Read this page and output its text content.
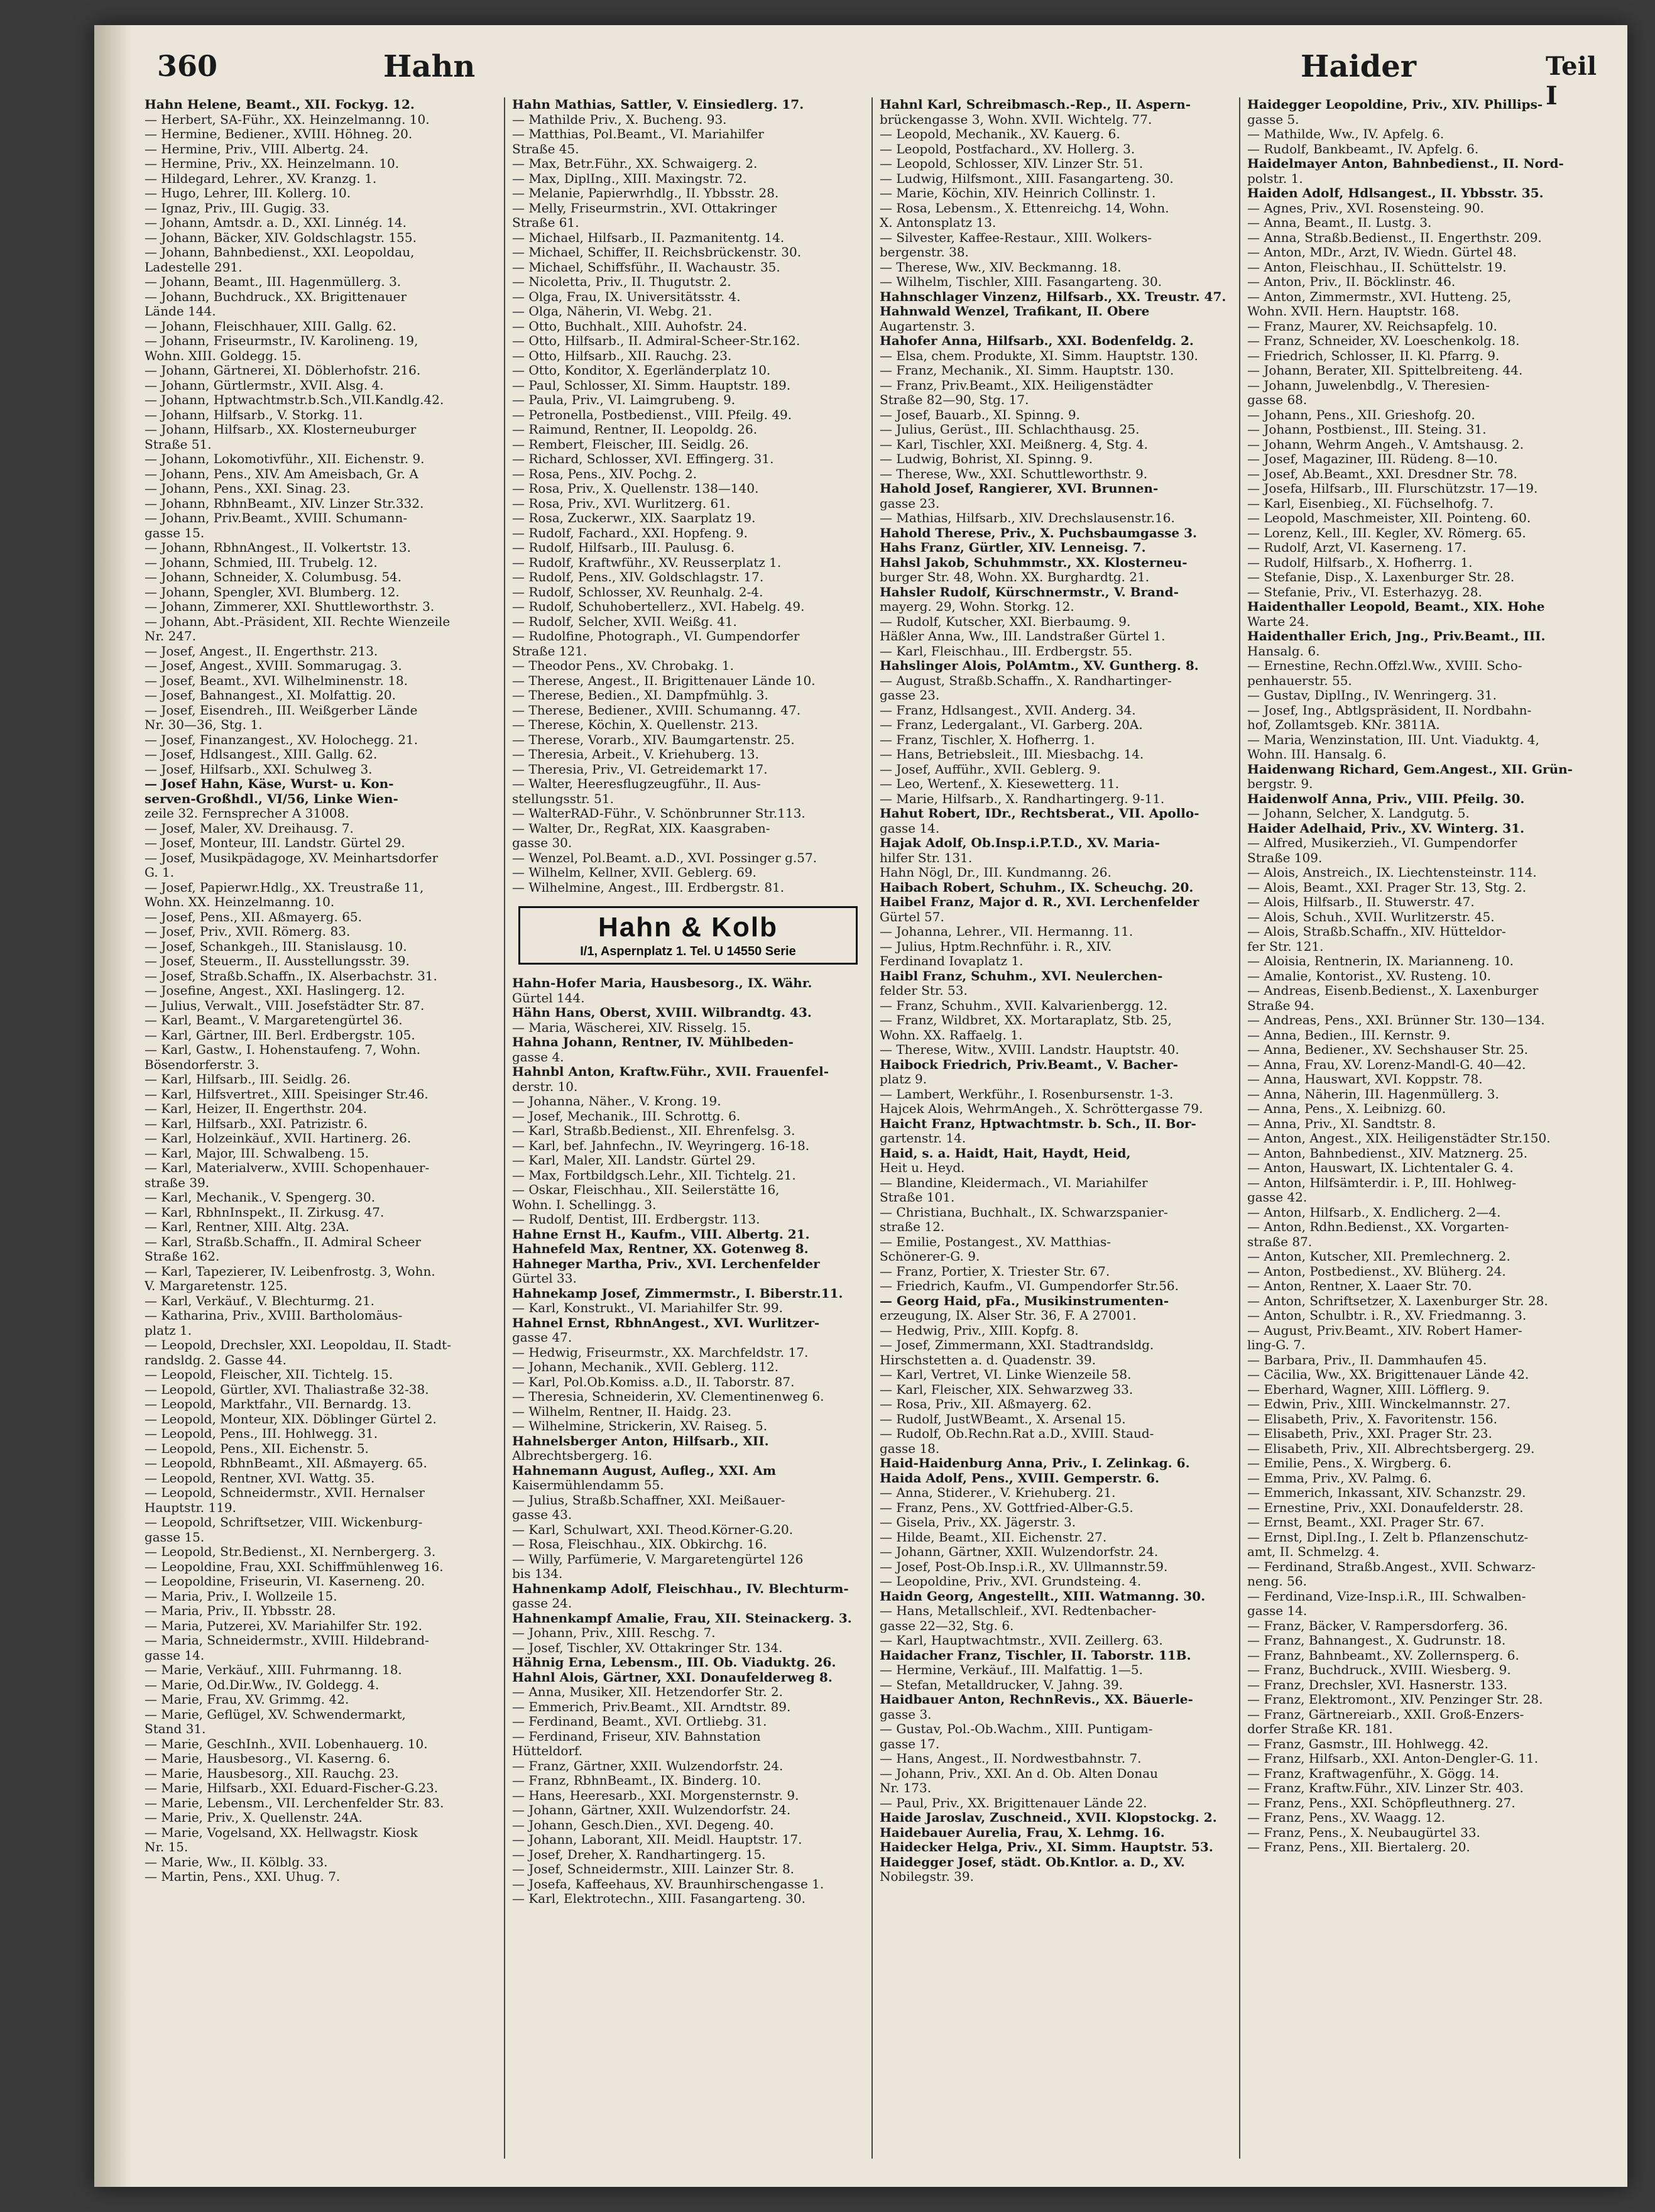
360	Hahn	Haider	Teil I
Hahn Helene, Beamt., XII. Fockyg. 12.
— Herbert, SA-Führ., XX. Heinzelmanng. 10.
— Hermine, Bediener., XVIII. Höhneg. 20.
— Hermine, Priv., VIII. Albertg. 24.
— Hermine, Priv., XX. Heinzelmann. 10.
— Hildegard, Lehrer., XV. Kranzg. 1.
— Hugo, Lehrer, III. Kollerg. 10.
— Ignaz, Priv., III. Gugig. 33.
— Johann, Amtsdr. a. D., XXI. Linnég. 14.
— Johann, Bäcker, XIV. Goldschlagstr. 155.
— Johann, Bahnbedienst., XXI. Leopoldau,
Ladestelle 291.
— Johann, Beamt., III. Hagenmüllerg. 3.
— Johann, Buchdruck., XX. Brigittenauer
Lände 144.
— Johann, Fleischhauer, XIII. Gallg. 62.
— Johann, Friseurmstr., IV. Karolineng. 19,
Wohn. XIII. Goldegg. 15.
— Johann, Gärtnerei, XI. Döblerhofstr. 216.
— Johann, Gürtlermstr., XVII. Alsg. 4.
— Johann, Hptwachtmstr.b.Sch.,VII.Kandlg.42.
— Johann, Hilfsarb., V. Storkg. 11.
— Johann, Hilfsarb., XX. Klosterneuburger
Straße 51.
— Johann, Lokomotivführ., XII. Eichenstr. 9.
— Johann, Pens., XIV. Am Ameisbach, Gr. A
— Johann, Pens., XXI. Sinag. 23.
— Johann, RbhnBeamt., XIV. Linzer Str.332.
— Johann, Priv.Beamt., XVIII. Schumann-
gasse 15.
— Johann, RbhnAngest., II. Volkertstr. 13.
— Johann, Schmied, III. Trubelg. 12.
— Johann, Schneider, X. Columbusg. 54.
— Johann, Spengler, XVI. Blumberg. 12.
— Johann, Zimmerer, XXI. Shuttleworthstr. 3.
— Johann, Abt.-Präsident, XII. Rechte Wienzeile
Nr. 247.
— Josef, Angest., II. Engerthstr. 213.
— Josef, Angest., XVIII. Sommarugag. 3.
— Josef, Beamt., XVI. Wilhelminenstr. 18.
— Josef, Bahnangest., XI. Molfattig. 20.
— Josef, Eisendreh., III. Weißgerber Lände
Nr. 30—36, Stg. 1.
— Josef, Finanzangest., XV. Holochegg. 21.
— Josef, Hdlsangest., XIII. Gallg. 62.
— Josef, Hilfsarb., XXI. Schulweg 3.
— Josef Hahn, Käse, Wurst- u. Kon-
serven-Großhdl., VI/56, Linke Wien-
zeile 32. Fernsprecher A 31008.
— Josef, Maler, XV. Dreihausg. 7.
— Josef, Monteur, III. Landstr. Gürtel 29.
— Josef, Musikpädagoge, XV. Meinhartsdorfer
G. 1.
— Josef, Papierwr.Hdlg., XX. Treustraße 11,
Wohn. XX. Heinzelmanng. 10.
— Josef, Pens., XII. Aßmayerg. 65.
— Josef, Priv., XVII. Römerg. 83.
— Josef, Schankgeh., III. Stanislausg. 10.
— Josef, Steuerm., II. Ausstellungsstr. 39.
— Josef, Straßb.Schaffn., IX. Alserbachstr. 31.
— Josefine, Angest., XXI. Haslingerg. 12.
— Julius, Verwalt., VIII. Josefstädter Str. 87.
— Karl, Beamt., V. Margaretengürtel 36.
— Karl, Gärtner, III. Berl. Erdbergstr. 105.
— Karl, Gastw., I. Hohenstaufeng. 7, Wohn.
Bösendorferstr. 3.
— Karl, Hilfsarb., III. Seidlg. 26.
— Karl, Hilfsvertret., XIII. Speisinger Str.46.
— Karl, Heizer, II. Engerthstr. 204.
— Karl, Hilfsarb., XXI. Patrizistr. 6.
— Karl, Holzeinkäuf., XVII. Hartinerg. 26.
— Karl, Major, III. Schwalbeng. 15.
— Karl, Materialverw., XVIII. Schopenhauer-
straße 39.
— Karl, Mechanik., V. Spengerg. 30.
— Karl, RbhnInspekt., II. Zirkusg. 47.
— Karl, Rentner, XIII. Altg. 23A.
— Karl, Straßb.Schaffn., II. Admiral Scheer
Straße 162.
— Karl, Tapezierer, IV. Leibenfrostg. 3, Wohn.
V. Margaretenstr. 125.
— Karl, Verkäuf., V. Blechturmg. 21.
— Katharina, Priv., XVIII. Bartholomäus-
platz 1.
— Leopold, Drechsler, XXI. Leopoldau, II. Stadt-
randsldg. 2. Gasse 44.
— Leopold, Fleischer, XII. Tichtelg. 15.
— Leopold, Gürtler, XVI. Thaliastraße 32-38.
— Leopold, Marktfahr., VII. Bernardg. 13.
— Leopold, Monteur, XIX. Döblinger Gürtel 2.
— Leopold, Pens., III. Hohlwegg. 31.
— Leopold, Pens., XII. Eichenstr. 5.
— Leopold, RbhnBeamt., XII. Aßmayerg. 65.
— Leopold, Rentner, XVI. Wattg. 35.
— Leopold, Schneidermstr., XVII. Hernalser
Hauptstr. 119.
— Leopold, Schriftsetzer, VIII. Wickenburg-
gasse 15.
— Leopold, Str.Bedienst., XI. Nernbergerg. 3.
— Leopoldine, Frau, XXI. Schiffmühlenweg 16.
— Leopoldine, Friseurin, VI. Kaserneng. 20.
— Maria, Priv., I. Wollzeile 15.
— Maria, Priv., II. Ybbsstr. 28.
— Maria, Putzerei, XV. Mariahilfer Str. 192.
— Maria, Schneidermstr., XVIII. Hildebrand-
gasse 14.
— Marie, Verkäuf., XIII. Fuhrmanng. 18.
— Marie, Od.Dir.Ww., IV. Goldegg. 4.
— Marie, Frau, XV. Grimmg. 42.
— Marie, Geflügel, XV. Schwendermarkt,
Stand 31.
— Marie, GeschInh., XVII. Lobenhauerg. 10.
— Marie, Hausbesorg., VI. Kaserng. 6.
— Marie, Hausbesorg., XII. Rauchg. 23.
— Marie, Hilfsarb., XXI. Eduard-Fischer-G.23.
— Marie, Lebensm., VII. Lerchenfelder Str. 83.
— Marie, Priv., X. Quellenstr. 24A.
— Marie, Vogelsand, XX. Hellwagstr. Kiosk
Nr. 15.
— Marie, Ww., II. Kölblg. 33.
— Martin, Pens., XXI. Uhug. 7.
Hahn Mathias, Sattler, V. Einsiedlerg. 17.
— Mathilde Priv., X. Bucheng. 93.
— Matthias, Pol.Beamt., VI. Mariahilfer
Straße 45.
— Max, Betr.Führ., XX. Schwaigerg. 2.
— Max, DiplIng., XIII. Maxingstr. 72.
— Melanie, Papierwrhdlg., II. Ybbsstr. 28.
— Melly, Friseurmstrin., XVI. Ottakringer
Straße 61.
— Michael, Hilfsarb., II. Pazmanitentg. 14.
— Michael, Schiffer, II. Reichsbrückenstr. 30.
— Michael, Schiffsführ., II. Wachaustr. 35.
— Nicoletta, Priv., II. Thugutstr. 2.
— Olga, Frau, IX. Universitätsstr. 4.
— Olga, Näherin, VI. Webg. 21.
— Otto, Buchhalt., XIII. Auhofstr. 24.
— Otto, Hilfsarb., II. Admiral-Scheer-Str.162.
— Otto, Hilfsarb., XII. Rauchg. 23.
— Otto, Konditor, X. Egerländerplatz 10.
— Paul, Schlosser, XI. Simm. Hauptstr. 189.
— Paula, Priv., VI. Laimgrubeng. 9.
— Petronella, Postbedienst., VIII. Pfeilg. 49.
— Raimund, Rentner, II. Leopoldg. 26.
— Rembert, Fleischer, III. Seidlg. 26.
— Richard, Schlosser, XVI. Effingerg. 31.
— Rosa, Pens., XIV. Pochg. 2.
— Rosa, Priv., X. Quellenstr. 138—140.
— Rosa, Priv., XVI. Wurlitzerg. 61.
— Rosa, Zuckerwr., XIX. Saarplatz 19.
— Rudolf, Fachard., XXI. Hopfeng. 9.
— Rudolf, Hilfsarb., III. Paulusg. 6.
— Rudolf, Kraftwführ., XV. Reusserplatz 1.
— Rudolf, Pens., XIV. Goldschlagstr. 17.
— Rudolf, Schlosser, XV. Reunhalg. 2-4.
— Rudolf, Schuhobertellerz., XVI. Habelg. 49.
— Rudolf, Selcher, XVII. Weißg. 41.
— Rudolfine, Photograph., VI. Gumpendorfer
Straße 121.
— Theodor Pens., XV. Chrobakg. 1.
— Therese, Angest., II. Brigittenauer Lände 10.
— Therese, Bedien., XI. Dampfmühlg. 3.
— Therese, Bediener., XVIII. Schumanng. 47.
— Therese, Köchin, X. Quellenstr. 213.
— Therese, Vorarb., XIV. Baumgartenstr. 25.
— Theresia, Arbeit., V. Kriehuberg. 13.
— Theresia, Priv., VI. Getreidemarkt 17.
— Walter, Heeresflugzeugführ., II. Aus-
stellungsstr. 51.
— WalterRAD-Führ., V. Schönbrunner Str.113.
— Walter, Dr., RegRat, XIX. Kaasgraben-
gasse 30.
— Wenzel, Pol.Beamt. a.D., XVI. Possinger g.57.
— Wilhelm, Kellner, XVII. Geblerg. 69.
— Wilhelmine, Angest., III. Erdbergstr. 81.
Hahn & Kolb
I/1, Aspernplatz 1. Tel. U 14550 Serie
Hahn-Hofer Maria, Hausbesorg., IX. Währ.
Gürtel 144.
Hähn Hans, Oberst, XVIII. Wilbrandtg. 43.
— Maria, Wäscherei, XIV. Risselg. 15.
Hahna Johann, Rentner, IV. Mühlbeden-
gasse 4.
Hahnbl Anton, Kraftw.Führ., XVII. Frauenfel-
derstr. 10.
— Johanna, Näher., V. Krong. 19.
— Josef, Mechanik., III. Schrottg. 6.
— Karl, Straßb.Bedienst., XII. Ehrenfelsg. 3.
— Karl, bef. Jahnfechn., IV. Weyringerg. 16-18.
— Karl, Maler, XII. Landstr. Gürtel 29.
— Max, Fortbildgsch.Lehr., XII. Tichtelg. 21.
— Oskar, Fleischhau., XII. Seilerstätte 16,
Wohn. I. Schellingg. 3.
— Rudolf, Dentist, III. Erdbergstr. 113.
Hahne Ernst H., Kaufm., VIII. Albertg. 21.
Hahnefeld Max, Rentner, XX. Gotenweg 8.
Hahneger Martha, Priv., XVI. Lerchenfelder
Gürtel 33.
Hahnekamp Josef, Zimmermstr., I. Biberstr.11.
— Karl, Konstrukt., VI. Mariahilfer Str. 99.
Hahnel Ernst, RbhnAngest., XVI. Wurlitzer-
gasse 47.
— Hedwig, Friseurmstr., XX. Marchfeldstr. 17.
— Johann, Mechanik., XVII. Geblerg. 112.
— Karl, Pol.Ob.Komiss. a.D., II. Taborstr. 87.
— Theresia, Schneiderin, XV. Clementinenweg 6.
— Wilhelm, Rentner, II. Haidg. 23.
— Wilhelmine, Strickerin, XV. Raiseg. 5.
Hahnelsberger Anton, Hilfsarb., XII.
Albrechtsbergerg. 16.
Hahnemann August, Aufleg., XXI. Am
Kaisermühlendamm 55.
— Julius, Straßb.Schaffner, XXI. Meißauer-
gasse 43.
— Karl, Schulwart, XXI. Theod.Körner-G.20.
— Rosa, Fleischhau., XIX. Obkirchg. 16.
— Willy, Parfümerie, V. Margaretengürtel 126
bis 134.
Hahnenkamp Adolf, Fleischhau., IV. Blechturm-
gasse 24.
Hahnenkampf Amalie, Frau, XII. Steinackerg. 3.
— Johann, Priv., XIII. Reschg. 7.
— Josef, Tischler, XV. Ottakringer Str. 134.
Hähnig Erna, Lebensm., III. Ob. Viaduktg. 26.
Hahnl Alois, Gärtner, XXI. Donaufelderweg 8.
— Anna, Musiker, XII. Hetzendorfer Str. 2.
— Emmerich, Priv.Beamt., XII. Arndtstr. 89.
— Ferdinand, Beamt., XVI. Ortliebg. 31.
— Ferdinand, Friseur, XIV. Bahnstation
Hütteldorf.
— Franz, Gärtner, XXII. Wulzendorfstr. 24.
— Franz, RbhnBeamt., IX. Binderg. 10.
— Hans, Heeresarb., XXI. Morgensternstr. 9.
— Johann, Gärtner, XXII. Wulzendorfstr. 24.
— Johann, Gesch.Dien., XVI. Degeng. 40.
— Johann, Laborant, XII. Meidl. Hauptstr. 17.
— Josef, Dreher, X. Randhartingerg. 15.
— Josef, Schneidermstr., XIII. Lainzer Str. 8.
— Josefa, Kaffeehaus, XV. Braunhirschengasse 1.
— Karl, Elektrotechn., XIII. Fasangarteng. 30.
Hahnl Karl, Schreibmasch.-Rep., II. Aspern-
brückengasse 3, Wohn. XVII. Wichtelg. 77.
— Leopold, Mechanik., XV. Kauerg. 6.
— Leopold, Postfachard., XV. Hollerg. 3.
— Leopold, Schlosser, XIV. Linzer Str. 51.
— Ludwig, Hilfsmont., XIII. Fasangarteng. 30.
— Marie, Köchin, XIV. Heinrich Collinstr. 1.
— Rosa, Lebensm., X. Ettenreichg. 14, Wohn.
X. Antonsplatz 13.
— Silvester, Kaffee-Restaur., XIII. Wolkers-
bergenstr. 38.
— Therese, Ww., XIV. Beckmanng. 18.
— Wilhelm, Tischler, XIII. Fasangarteng. 30.
Hahnschlager Vinzenz, Hilfsarb., XX. Treustr. 47.
Hahnwald Wenzel, Trafikant, II. Obere
Augartenstr. 3.
Hahofer Anna, Hilfsarb., XXI. Bodenfeldg. 2.
— Elsa, chem. Produkte, XI. Simm. Hauptstr. 130.
— Franz, Mechanik., XI. Simm. Hauptstr. 130.
— Franz, Priv.Beamt., XIX. Heiligenstädter
Straße 82—90, Stg. 17.
— Josef, Bauarb., XI. Spinng. 9.
— Julius, Gerüst., III. Schlachthausg. 25.
— Karl, Tischler, XXI. Meißnerg. 4, Stg. 4.
— Ludwig, Bohrist, XI. Spinng. 9.
— Therese, Ww., XXI. Schuttleworthstr. 9.
Hahold Josef, Rangierer, XVI. Brunnen-
gasse 23.
— Mathias, Hilfsarb., XIV. Drechslausenstr.16.
Hahold Therese, Priv., X. Puchsbaumgasse 3.
Hahs Franz, Gürtler, XIV. Lenneisg. 7.
Hahsl Jakob, Schuhmmstr., XX. Klosterneu-
burger Str. 48, Wohn. XX. Burghardtg. 21.
Hahsler Rudolf, Kürschnermstr., V. Brand-
mayerg. 29, Wohn. Storkg. 12.
— Rudolf, Kutscher, XXI. Bierbaumg. 9.
Häßler Anna, Ww., III. Landstraßer Gürtel 1.
— Karl, Fleischhau., III. Erdbergstr. 55.
Hahslinger Alois, PolAmtm., XV. Guntherg. 8.
— August, Straßb.Schaffn., X. Randhartinger-
gasse 23.
— Franz, Hdlsangest., XVII. Anderg. 34.
— Franz, Ledergalant., VI. Garberg. 20A.
— Franz, Tischler, X. Hofherrg. 1.
— Hans, Betriebsleit., III. Miesbachg. 14.
— Josef, Aufführ., XVII. Geblerg. 9.
— Leo, Wertenf., X. Kiesewetterg. 11.
— Marie, Hilfsarb., X. Randhartingerg. 9-11.
Hahut Robert, IDr., Rechtsberat., VII. Apollo-
gasse 14.
Hajak Adolf, Ob.Insp.i.P.T.D., XV. Maria-
hilfer Str. 131.
Hahn Nögl, Dr., III. Kundmanng. 26.
Haibach Robert, Schuhm., IX. Scheuchg. 20.
Haibel Franz, Major d. R., XVI. Lerchenfelder
Gürtel 57.
— Johanna, Lehrer., VII. Hermanng. 11.
— Julius, Hptm.Rechnführ. i. R., XIV.
Ferdinand Iovaplatz 1.
Haibl Franz, Schuhm., XVI. Neulerchen-
felder Str. 53.
— Franz, Schuhm., XVII. Kalvarienbergg. 12.
— Franz, Wildbret, XX. Mortaraplatz, Stb. 25,
Wohn. XX. Raffaelg. 1.
— Therese, Witw., XVIII. Landstr. Hauptstr. 40.
Haibock Friedrich, Priv.Beamt., V. Bacher-
platz 9.
— Lambert, Werkführ., I. Rosenbursenstr. 1-3.
Hajcek Alois, WehrmAngeh., X. Schröttergasse 79.
Haicht Franz, Hptwachtmstr. b. Sch., II. Bor-
gartenstr. 14.
Haid, s. a. Haidt, Hait, Haydt, Heid,
Heit u. Heyd.
— Blandine, Kleidermach., VI. Mariahilfer
Straße 101.
— Christiana, Buchhalt., IX. Schwarzspanier-
straße 12.
— Emilie, Postangest., XV. Matthias-
Schönerer-G. 9.
— Franz, Portier, X. Triester Str. 67.
— Friedrich, Kaufm., VI. Gumpendorfer Str.56.
— Georg Haid, pFa., Musikinstrumenten-
erzeugung, IX. Alser Str. 36, F. A 27001.
— Hedwig, Priv., XIII. Kopfg. 8.
— Josef, Zimmermann, XXI. Stadtrandsldg.
Hirschstetten a. d. Quadenstr. 39.
— Karl, Vertret, VI. Linke Wienzeile 58.
— Karl, Fleischer, XIX. Sehwarzweg 33.
— Rosa, Priv., XII. Aßmayerg. 62.
— Rudolf, JustWBeamt., X. Arsenal 15.
— Rudolf, Ob.Rechn.Rat a.D., XVIII. Staud-
gasse 18.
Haid-Haidenburg Anna, Priv., I. Zelinkag. 6.
Haida Adolf, Pens., XVIII. Gemperstr. 6.
— Anna, Stiderer., V. Kriehuberg. 21.
— Franz, Pens., XV. Gottfried-Alber-G.5.
— Gisela, Priv., XX. Jägerstr. 3.
— Hilde, Beamt., XII. Eichenstr. 27.
— Johann, Gärtner, XXII. Wulzendorfstr. 24.
— Josef, Post-Ob.Insp.i.R., XV. Ullmannstr.59.
— Leopoldine, Priv., XVI. Grundsteing. 4.
Haidn Georg, Angestellt., XIII. Watmanng. 30.
— Hans, Metallschleif., XVI. Redtenbacher-
gasse 22—32, Stg. 6.
— Karl, Hauptwachtmstr., XVII. Zeillerg. 63.
Haidacher Franz, Tischler, II. Taborstr. 11B.
— Hermine, Verkäuf., III. Malfattig. 1—5.
— Stefan, Metalldrucker, V. Jahng. 39.
Haidbauer Anton, RechnRevis., XX. Bäuerle-
gasse 3.
— Gustav, Pol.-Ob.Wachm., XIII. Puntigam-
gasse 17.
— Hans, Angest., II. Nordwestbahnstr. 7.
— Johann, Priv., XXI. An d. Ob. Alten Donau
Nr. 173.
— Paul, Priv., XX. Brigittenauer Lände 22.
Haide Jaroslav, Zuschneid., XVII. Klopstockg. 2.
Haidebauer Aurelia, Frau, X. Lehmg. 16.
Haidecker Helga, Priv., XI. Simm. Hauptstr. 53.
Haidegger Josef, städt. Ob.Kntlor. a. D., XV.
Nobilegstr. 39.
Haidegger Leopoldine, Priv., XIV. Phillips-
gasse 5.
— Mathilde, Ww., IV. Apfelg. 6.
— Rudolf, Bankbeamt., IV. Apfelg. 6.
Haidelmayer Anton, Bahnbedienst., II. Nord-
polstr. 1.
Haiden Adolf, Hdlsangest., II. Ybbsstr. 35.
— Agnes, Priv., XVI. Rosensteing. 90.
— Anna, Beamt., II. Lustg. 3.
— Anna, Straßb.Bedienst., II. Engerthstr. 209.
— Anton, MDr., Arzt, IV. Wiedn. Gürtel 48.
— Anton, Fleischhau., II. Schüttelstr. 19.
— Anton, Priv., II. Böcklinstr. 46.
— Anton, Zimmermstr., XVI. Hutteng. 25,
Wohn. XVII. Hern. Hauptstr. 168.
— Franz, Maurer, XV. Reichsapfelg. 10.
— Franz, Schneider, XV. Loeschenkolg. 18.
— Friedrich, Schlosser, II. Kl. Pfarrg. 9.
— Johann, Berater, XII. Spittelbreiteng. 44.
— Johann, Juwelenbdlg., V. Theresien-
gasse 68.
— Johann, Pens., XII. Grieshofg. 20.
— Johann, Postbienst., III. Steing. 31.
— Johann, Wehrm Angeh., V. Amtshausg. 2.
— Josef, Magaziner, III. Rüdeng. 8—10.
— Josef, Ab.Beamt., XXI. Dresdner Str. 78.
— Josefa, Hilfsarb., III. Flurschützstr. 17—19.
— Karl, Eisenbieg., XI. Füchselhofg. 7.
— Leopold, Maschmeister, XII. Pointeng. 60.
— Lorenz, Kell., III. Kegler, XV. Römerg. 65.
— Rudolf, Arzt, VI. Kaserneng. 17.
— Rudolf, Hilfsarb., X. Hofherrg. 1.
— Stefanie, Disp., X. Laxenburger Str. 28.
— Stefanie, Priv., VI. Esterhazyg. 28.
Haidenthaller Leopold, Beamt., XIX. Hohe
Warte 24.
Haidenthaller Erich, Jng., Priv.Beamt., III.
Hansalg. 6.
— Ernestine, Rechn.Offzl.Ww., XVIII. Scho-
penhauerstr. 55.
— Gustav, DiplIng., IV. Wenringerg. 31.
— Josef, Ing., Abtlgspräsident, II. Nordbahn-
hof, Zollamtsgeb. KNr. 3811A.
— Maria, Wenzinstation, III. Unt. Viaduktg. 4,
Wohn. III. Hansalg. 6.
Haidenwang Richard, Gem.Angest., XII. Grün-
bergstr. 9.
Haidenwolf Anna, Priv., VIII. Pfeilg. 30.
— Johann, Selcher, X. Landgutg. 5.
Haider Adelhaid, Priv., XV. Winterg. 31.
— Alfred, Musikerzieh., VI. Gumpendorfer
Straße 109.
— Alois, Anstreich., IX. Liechtensteinstr. 114.
— Alois, Beamt., XXI. Prager Str. 13, Stg. 2.
— Alois, Hilfsarb., II. Stuwerstr. 47.
— Alois, Schuh., XVII. Wurlitzerstr. 45.
— Alois, Straßb.Schaffn., XIV. Hütteldor-
fer Str. 121.
— Aloisia, Rentnerin, IX. Marianneng. 10.
— Amalie, Kontorist., XV. Rusteng. 10.
— Andreas, Eisenb.Bedienst., X. Laxenburger
Straße 94.
— Andreas, Pens., XXI. Brünner Str. 130—134.
— Anna, Bedien., III. Kernstr. 9.
— Anna, Bediener., XV. Sechshauser Str. 25.
— Anna, Frau, XV. Lorenz-Mandl-G. 40—42.
— Anna, Hauswart, XVI. Koppstr. 78.
— Anna, Näherin, III. Hagenmüllerg. 3.
— Anna, Pens., X. Leibnizg. 60.
— Anna, Priv., XI. Sandtstr. 8.
— Anton, Angest., XIX. Heiligenstädter Str.150.
— Anton, Bahnbedienst., XIV. Matznerg. 25.
— Anton, Hauswart, IX. Lichtentaler G. 4.
— Anton, Hilfsämterdir. i. P., III. Hohlweg-
gasse 42.
— Anton, Hilfsarb., X. Endlicherg. 2—4.
— Anton, Rdhn.Bedienst., XX. Vorgarten-
straße 87.
— Anton, Kutscher, XII. Premlechnerg. 2.
— Anton, Postbedienst., XV. Blüherg. 24.
— Anton, Rentner, X. Laaer Str. 70.
— Anton, Schriftsetzer, X. Laxenburger Str. 28.
— Anton, Schulbtr. i. R., XV. Friedmanng. 3.
— August, Priv.Beamt., XIV. Robert Hamer-
ling-G. 7.
— Barbara, Priv., II. Dammhaufen 45.
— Cäcilia, Ww., XX. Brigittenauer Lände 42.
— Eberhard, Wagner, XIII. Löfflerg. 9.
— Edwin, Priv., XIII. Winckelmannstr. 27.
— Elisabeth, Priv., X. Favoritenstr. 156.
— Elisabeth, Priv., XXI. Prager Str. 23.
— Elisabeth, Priv., XII. Albrechtsbergerg. 29.
— Emilie, Pens., X. Wirgberg. 6.
— Emma, Priv., XV. Palmg. 6.
— Emmerich, Inkassant, XIV. Schanzstr. 29.
— Ernestine, Priv., XXI. Donaufelderstr. 28.
— Ernst, Beamt., XXI. Prager Str. 67.
— Ernst, Dipl.Ing., I. Zelt b. Pflanzenschutz-
amt, II. Schmelzg. 4.
— Ferdinand, Straßb.Angest., XVII. Schwarz-
neng. 56.
— Ferdinand, Vize-Insp.i.R., III. Schwalben-
gasse 14.
— Franz, Bäcker, V. Rampersdorferg. 36.
— Franz, Bahnangest., X. Gudrunstr. 18.
— Franz, Bahnbeamt., XV. Zollernsperg. 6.
— Franz, Buchdruck., XVIII. Wiesberg. 9.
— Franz, Drechsler, XVI. Hasnerstr. 133.
— Franz, Elektromont., XIV. Penzinger Str. 28.
— Franz, Gärtnereiarb., XXII. Groß-Enzers-
dorfer Straße KR. 181.
— Franz, Gasmstr., III. Hohlwegg. 42.
— Franz, Hilfsarb., XXI. Anton-Dengler-G. 11.
— Franz, Kraftwagenführ., X. Gögg. 14.
— Franz, Kraftw.Führ., XIV. Linzer Str. 403.
— Franz, Pens., XXI. Schöpfleuthnerg. 27.
— Franz, Pens., XV. Waagg. 12.
— Franz, Pens., X. Neubaugürtel 33.
— Franz, Pens., XII. Biertalerg. 20.
